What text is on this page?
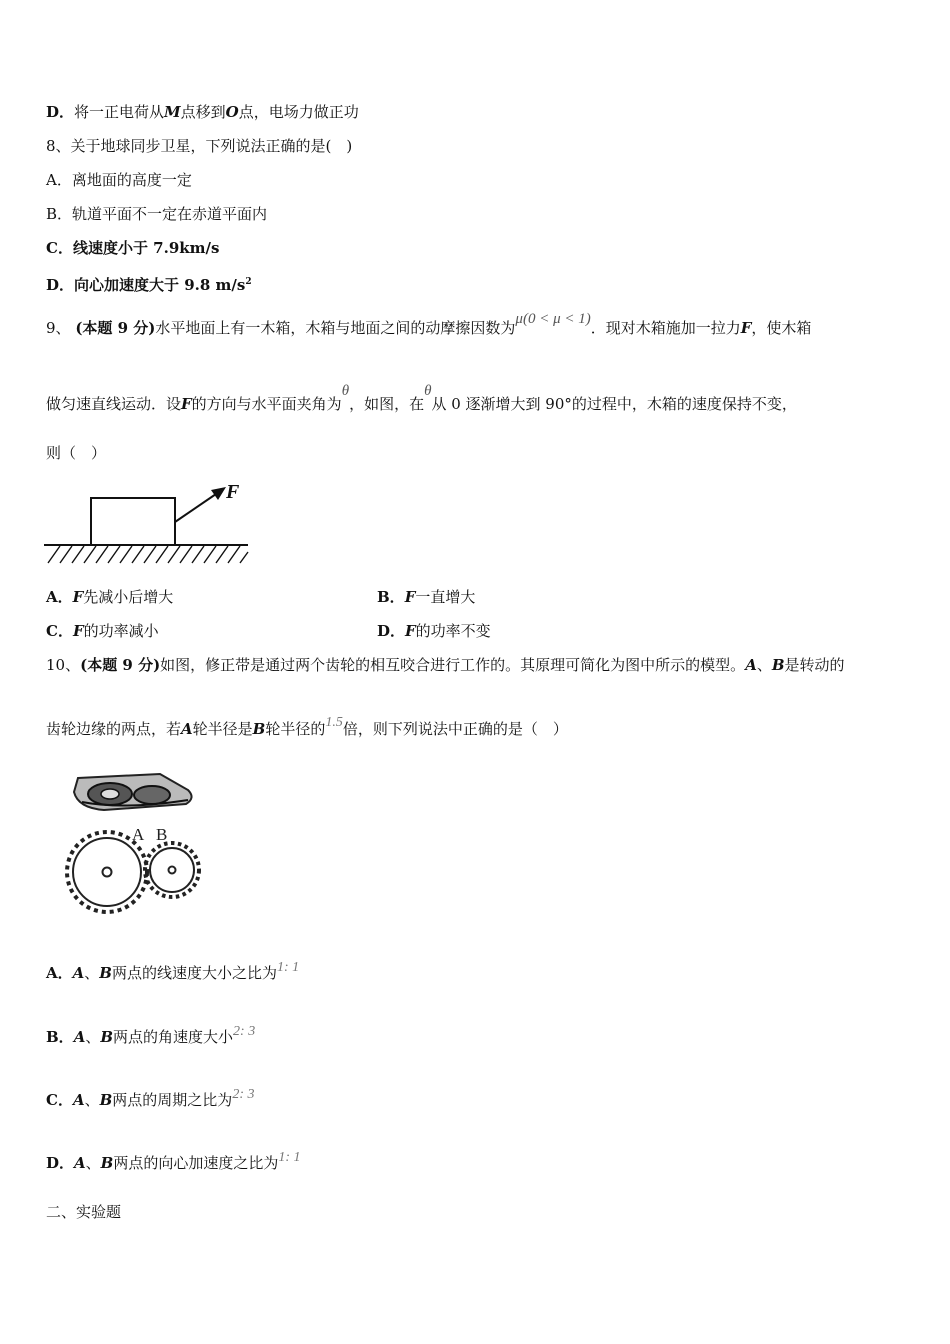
D．将一正电荷从M点移到O点，电场力做正功
8、关于地球同步卫星，下列说法正确的是(　)
A．离地面的高度一定
B．轨道平面不一定在赤道平面内
C．线速度小于 7.9km/s
D．向心加速度大于 9.8 $m/s^2$
9、 (本题 9 分)水平地面上有一木箱，木箱与地面之间的动摩擦因数为μ(0 < μ < 1)．现对木箱施加一拉力F，使木箱
做匀速直线运动．设F的方向与水平面夹角为θ，如图，在θ从 0 逐渐增大到 90°的过程中，木箱的速度保持不变，
则（　）
F
A．F先减小后增大	B．F一直增大
C．F的功率减小	D．F的功率不变
10、(本题 9 分)如图，修正带是通过两个齿轮的相互咬合进行工作的。其原理可简化为图中所示的模型。A、B是转动的
齿轮边缘的两点，若A轮半径是B轮半径的1.5倍，则下列说法中正确的是（　）
A B
A．A、B两点的线速度大小之比为1: 1
B．A、B两点的角速度大小2: 3
C．A、B两点的周期之比为2: 3
D．A、B两点的向心加速度之比为1: 1
二、实验题
